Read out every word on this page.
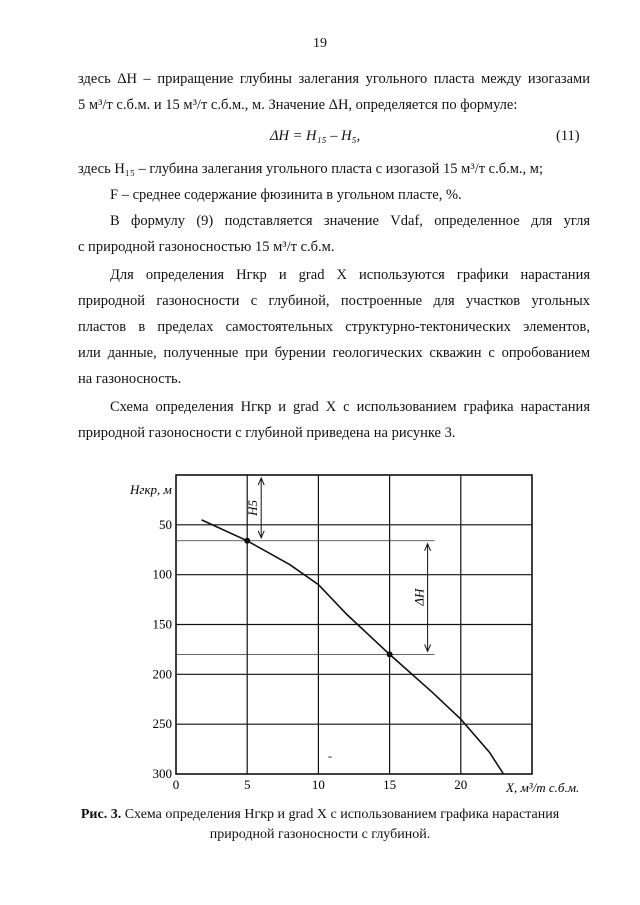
19
здесь ΔH – приращение глубины залегания угольного пласта между изогазами
5 м³/т с.б.м. и 15 м³/т с.б.м., м. Значение ΔH, определяется по формуле:
ΔH = H₁₅ – H₅,	(11)
здесь H₁₅ – глубина залегания угольного пласта с изогазой 15 м³/т с.б.м., м;
F – среднее содержание фюзинита в угольном пласте, %.
В формулу (9) подставляется значение Vdaf, определенное для угля
с природной газоносностью 15 м³/т с.б.м.
Для определения Hгкр и grad X используются графики нарастания
природной газоносности с глубиной, построенные для участков угольных
пластов в пределах самостоятельных структурно-тектонических элементов,
или данные, полученные при бурении геологических скважин с опробованием
на газоносность.
Схема определения Hгкр и grad X с использованием графика нарастания
природной газоносности с глубиной приведена на рисунке 3.
0	5	10	15	20
50
100
150
200
250
300
Hгкр, м
X, м³/т с.б.м.
H5
ΔH
-
Рис. 3. Схема определения Hгкр и grad X с использованием графика нарастания
природной газоносности с глубиной.
